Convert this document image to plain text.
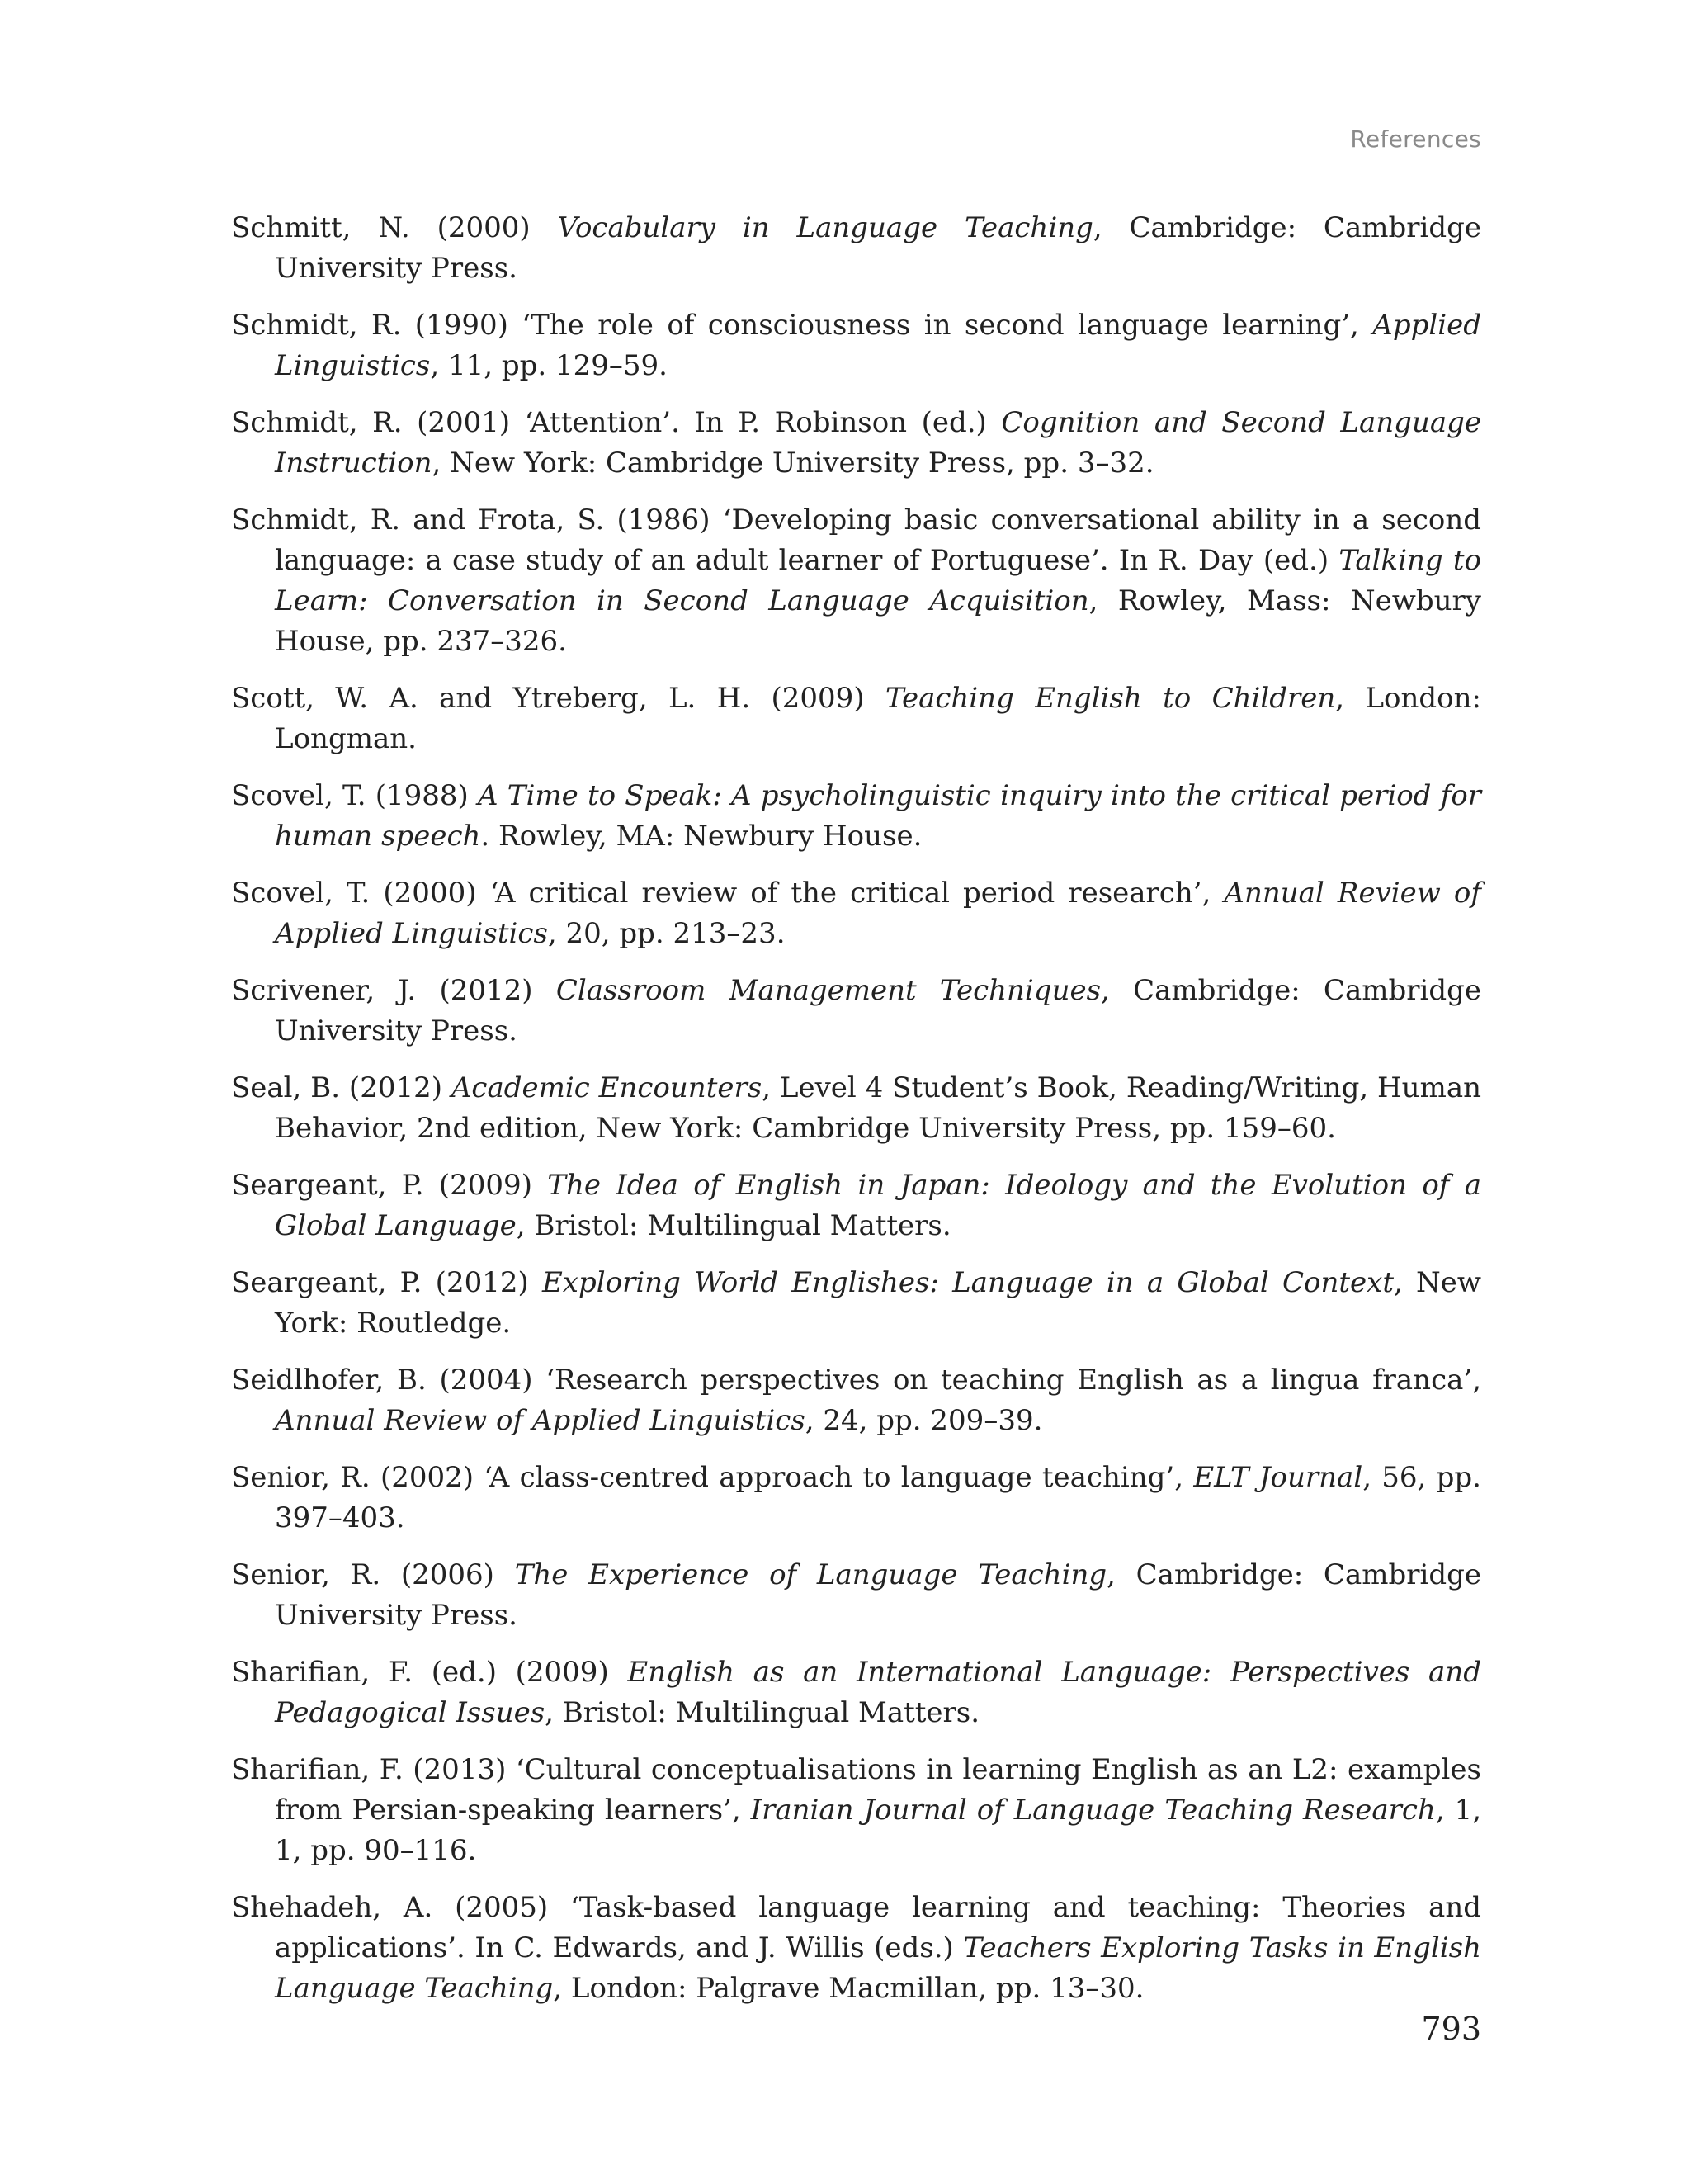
References
Schmitt, N. (2000) Vocabulary in Language Teaching, Cambridge: Cambridge University Press.
Schmidt, R. (1990) ‘The role of consciousness in second language learning’, Applied Linguistics, 11, pp. 129–59.
Schmidt, R. (2001) ‘Attention’. In P. Robinson (ed.) Cognition and Second Language Instruction, New York: Cambridge University Press, pp. 3–32.
Schmidt, R. and Frota, S. (1986) ‘Developing basic conversational ability in a second language: a case study of an adult learner of Portuguese’. In R. Day (ed.) Talking to Learn: Conversation in Second Language Acquisition, Rowley, Mass: Newbury House, pp. 237–326.
Scott, W. A. and Ytreberg, L. H. (2009) Teaching English to Children, London: Longman.
Scovel, T. (1988) A Time to Speak: A psycholinguistic inquiry into the critical period for human speech. Rowley, MA: Newbury House.
Scovel, T. (2000) ‘A critical review of the critical period research’, Annual Review of Applied Linguistics, 20, pp. 213–23.
Scrivener, J. (2012) Classroom Management Techniques, Cambridge: Cambridge University Press.
Seal, B. (2012) Academic Encounters, Level 4 Student’s Book, Reading/Writing, Human Behavior, 2nd edition, New York: Cambridge University Press, pp. 159–60.
Seargeant, P. (2009) The Idea of English in Japan: Ideology and the Evolution of a Global Language, Bristol: Multilingual Matters.
Seargeant, P. (2012) Exploring World Englishes: Language in a Global Context, New York: Routledge.
Seidlhofer, B. (2004) ‘Research perspectives on teaching English as a lingua franca’, Annual Review of Applied Linguistics, 24, pp. 209–39.
Senior, R. (2002) ‘A class-centred approach to language teaching’, ELT Journal, 56, pp. 397–403.
Senior, R. (2006) The Experience of Language Teaching, Cambridge: Cambridge University Press.
Sharifian, F. (ed.) (2009) English as an International Language: Perspectives and Pedagogical Issues, Bristol: Multilingual Matters.
Sharifian, F. (2013) ‘Cultural conceptualisations in learning English as an L2: examples from Persian-speaking learners’, Iranian Journal of Language Teaching Research, 1, 1, pp. 90–116.
Shehadeh, A. (2005) ‘Task-based language learning and teaching: Theories and applications’. In C. Edwards, and J. Willis (eds.) Teachers Exploring Tasks in English Language Teaching, London: Palgrave Macmillan, pp. 13–30.
793
